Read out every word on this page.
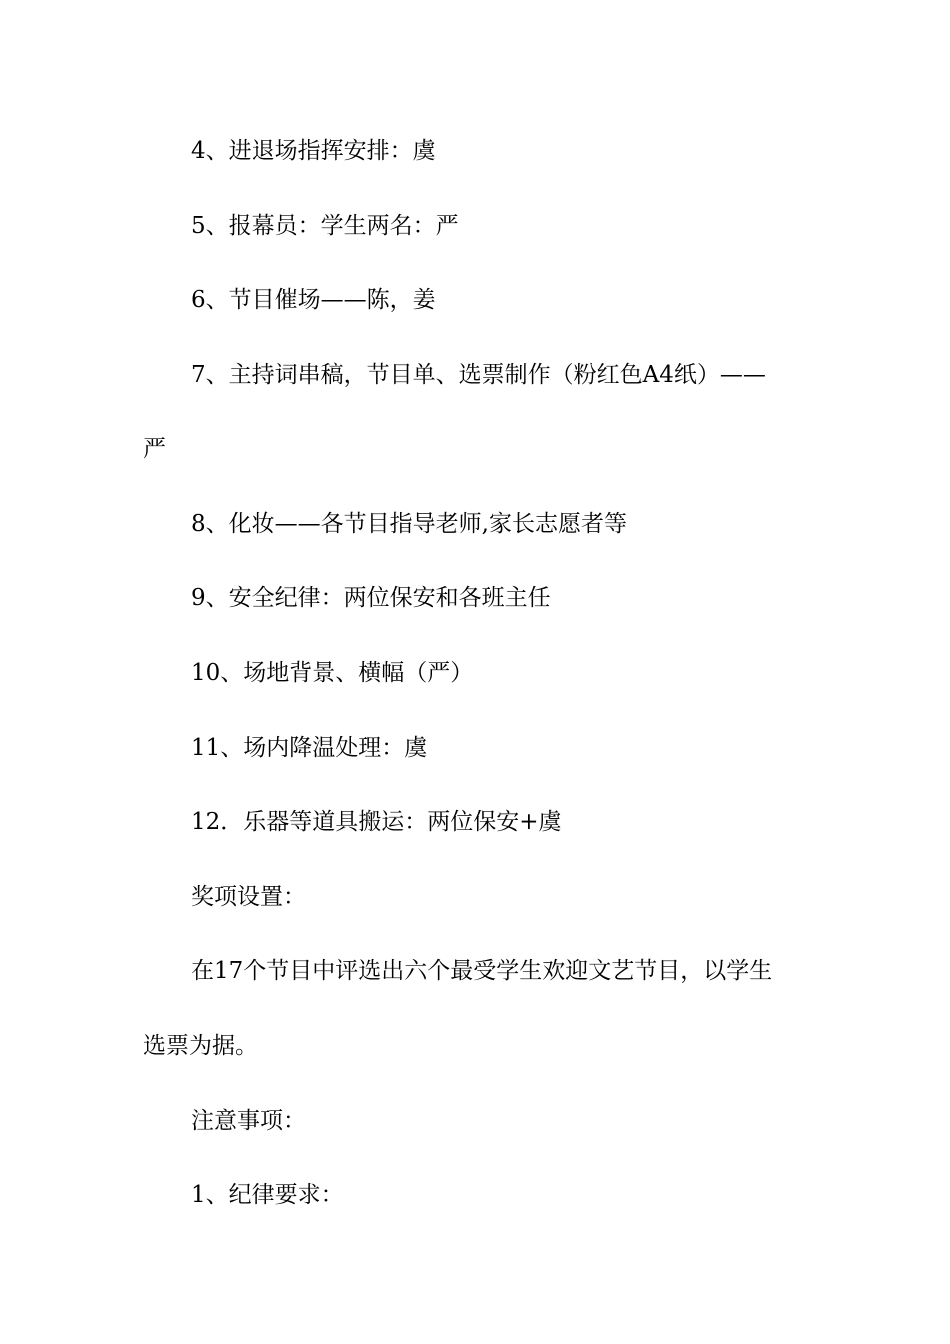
4、进退场指挥安排：虞
5、报幕员：学生两名：严
6、节目催场——陈，姜
7、主持词串稿，节目单、选票制作（粉红色A4纸）——
严
8、化妆——各节目指导老师,家长志愿者等
9、安全纪律：两位保安和各班主任
10、场地背景、横幅（严）
11、场内降温处理：虞
12．乐器等道具搬运：两位保安+虞
奖项设置：
在17个节目中评选出六个最受学生欢迎文艺节目，以学生
选票为据。
注意事项：
1、纪律要求：
